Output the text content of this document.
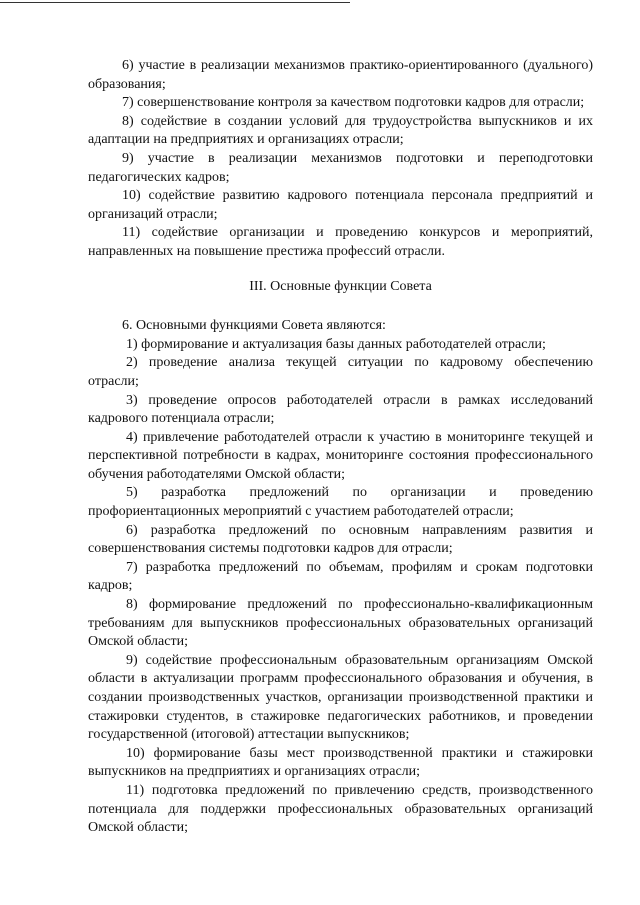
6) участие в реализации механизмов практико-ориентированного (дуального) образования;

7) совершенствование контроля за качеством подготовки кадров для отрасли;

8) содействие в создании условий для трудоустройства выпускников и их адаптации на предприятиях и организациях отрасли;

9) участие в реализации механизмов подготовки и переподготовки педагогических кадров;

10) содействие развитию кадрового потенциала персонала предприятий и организаций отрасли;

11) содействие организации и проведению конкурсов и мероприятий, направленных на повышение престижа профессий отрасли.

III. Основные функции Совета

6. Основными функциями Совета являются:

1) формирование и актуализация базы данных работодателей отрасли;

2) проведение анализа текущей ситуации по кадровому обеспечению отрасли;

3) проведение опросов работодателей отрасли в рамках исследований кадрового потенциала отрасли;

4) привлечение работодателей отрасли к участию в мониторинге текущей и перспективной потребности в кадрах, мониторинге состояния профессионального обучения работодателями Омской области;

5) разработка предложений по организации и проведению профориентационных мероприятий с участием работодателей отрасли;

6) разработка предложений по основным направлениям развития и совершенствования системы подготовки кадров для отрасли;

7) разработка предложений по объемам, профилям и срокам подготовки кадров;

8) формирование предложений по профессионально-квалификационным требованиям для выпускников профессиональных образовательных организаций Омской области;

9) содействие профессиональным образовательным организациям Омской области в актуализации программ профессионального образования и обучения, в создании производственных участков, организации производственной практики и стажировки студентов, в стажировке педагогических работников, и проведении государственной (итоговой) аттестации выпускников;

10) формирование базы мест производственной практики и стажировки выпускников на предприятиях и организациях отрасли;

11) подготовка предложений по привлечению средств, производственного потенциала для поддержки профессиональных образовательных организаций Омской области;
